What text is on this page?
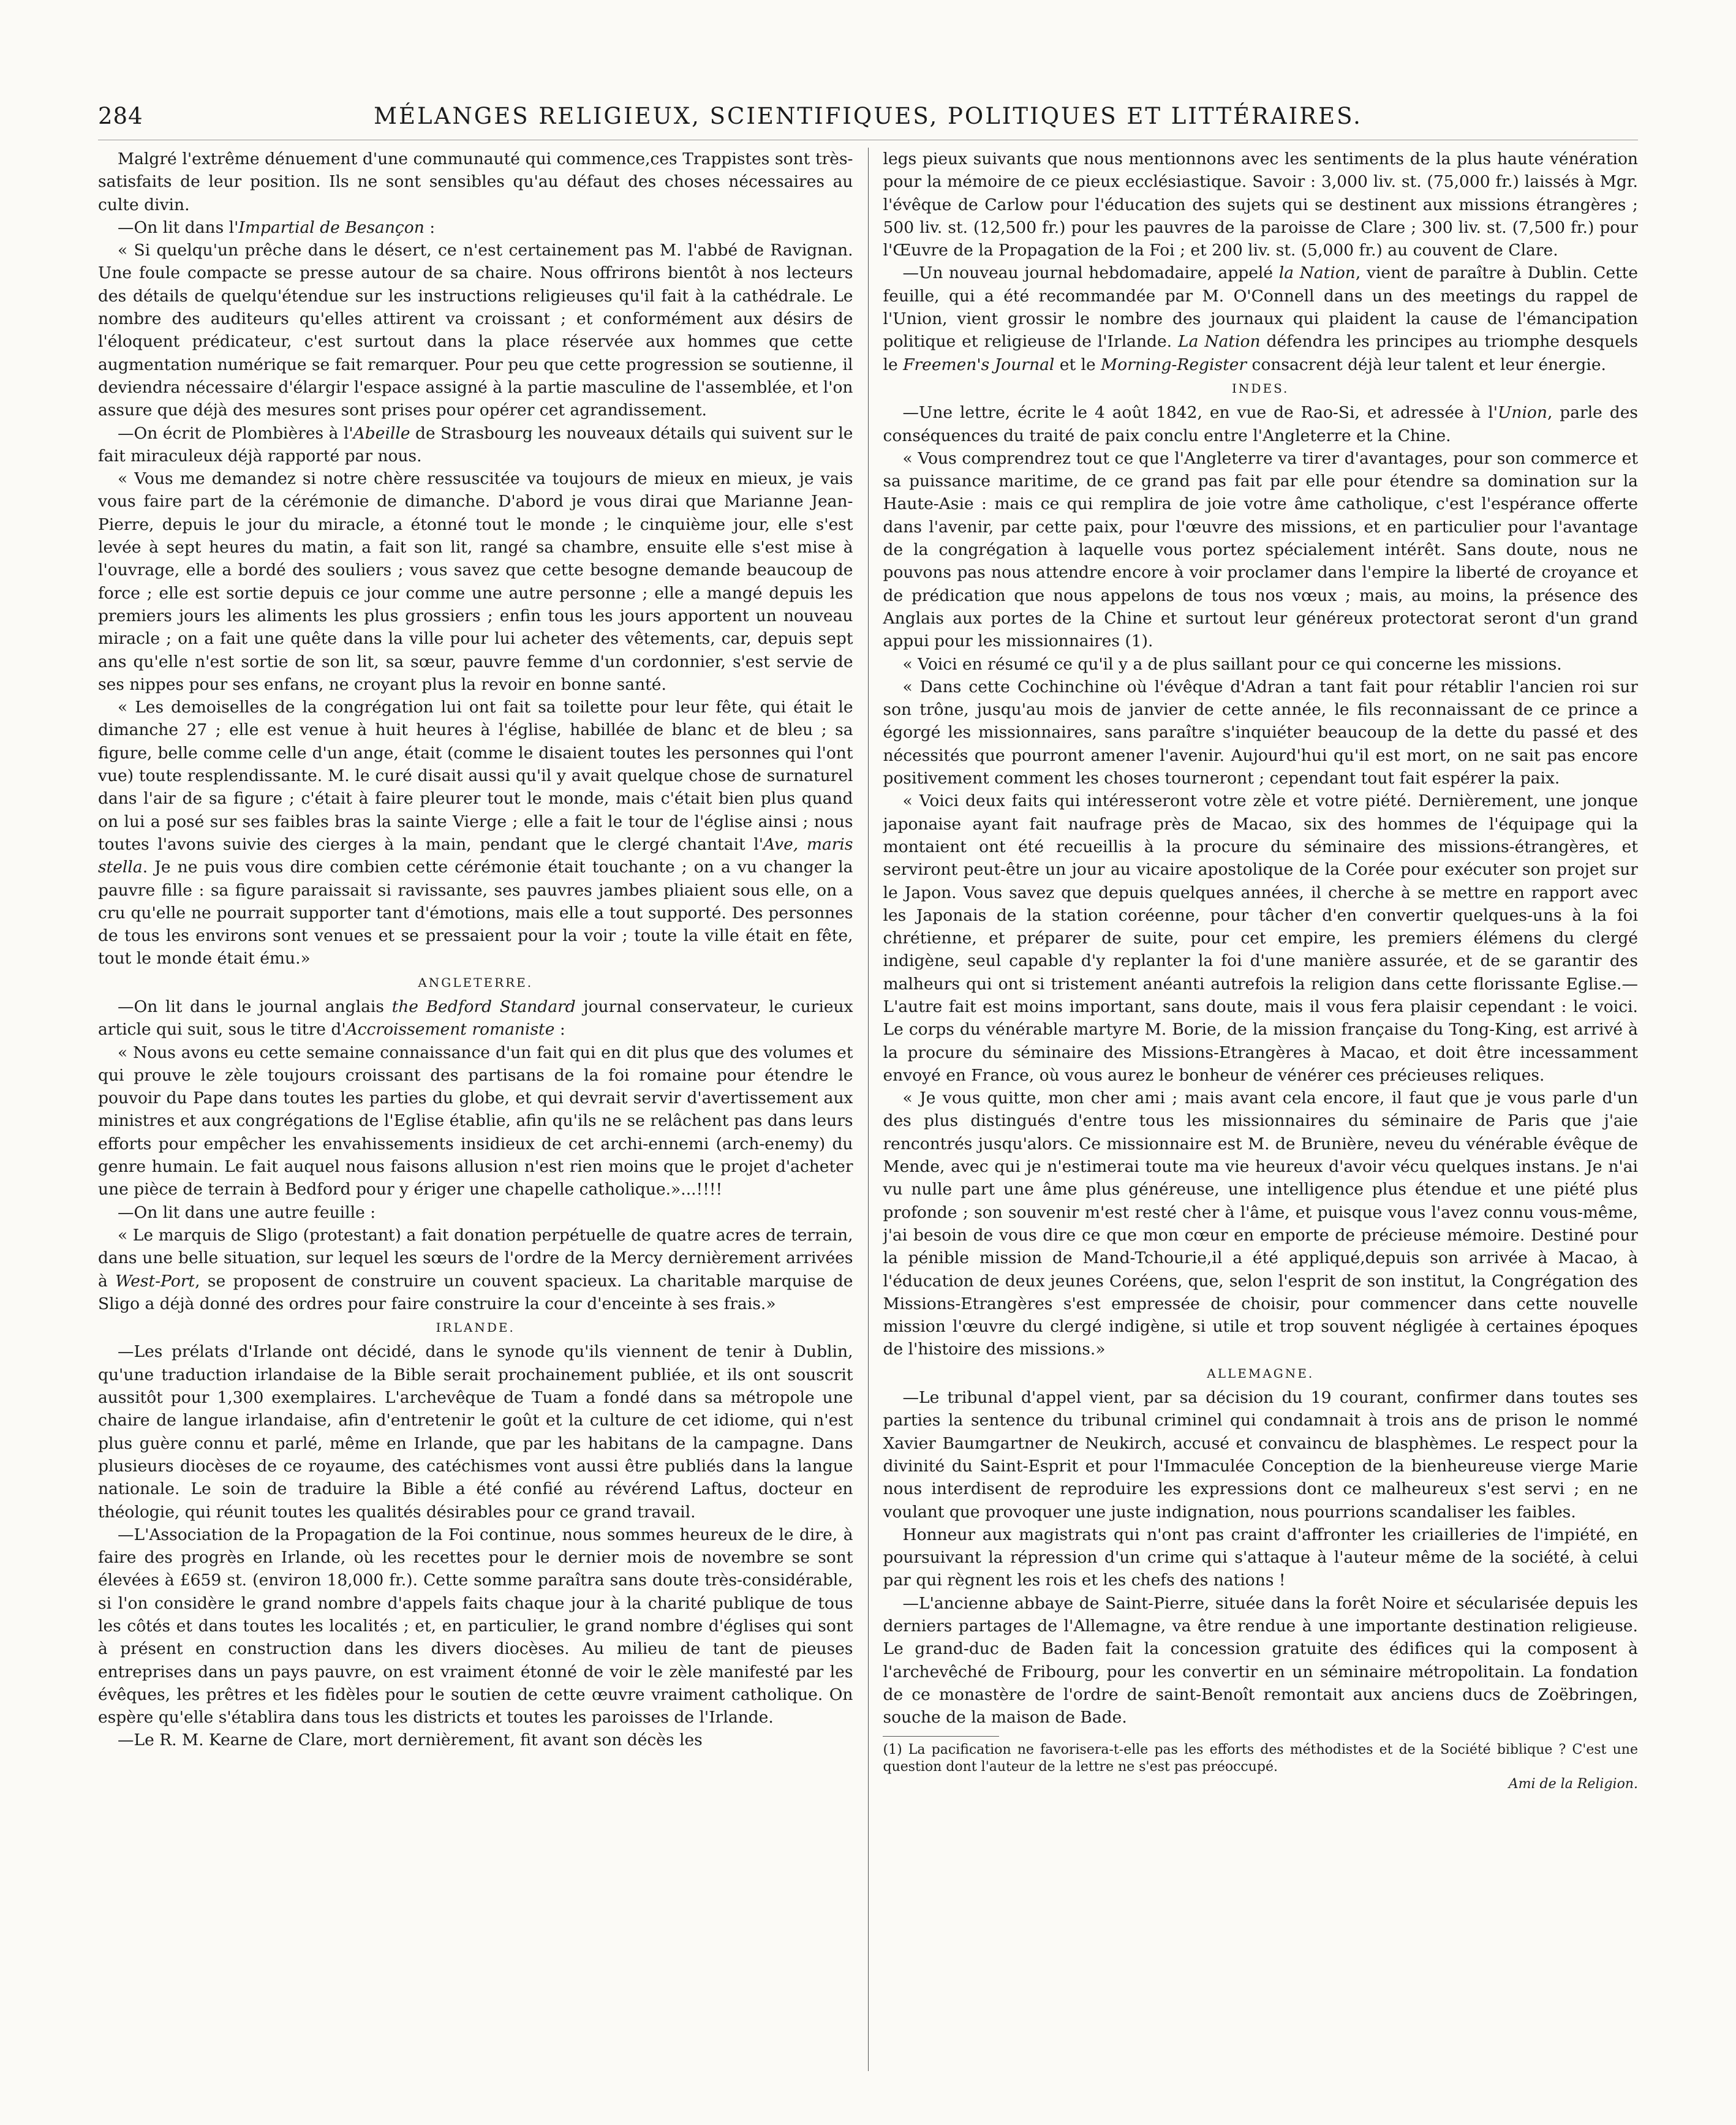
284	MÉLANGES RELIGIEUX, SCIENTIFIQUES, POLITIQUES ET LITTÉRAIRES.

Malgré l'extrême dénuement d'une communauté qui commence,ces Trappistes sont très-satisfaits de leur position. Ils ne sont sensibles qu'au défaut des choses nécessaires au culte divin.

—On lit dans l'Impartial de Besançon :

« Si quelqu'un prêche dans le désert, ce n'est certainement pas M. l'abbé de Ravignan. Une foule compacte se presse autour de sa chaire. Nous offrirons bientôt à nos lecteurs des détails de quelqu'étendue sur les instructions religieuses qu'il fait à la cathédrale. Le nombre des auditeurs qu'elles attirent va croissant ; et conformément aux désirs de l'éloquent prédicateur, c'est surtout dans la place réservée aux hommes que cette augmentation numérique se fait remarquer. Pour peu que cette progression se soutienne, il deviendra nécessaire d'élargir l'espace assigné à la partie masculine de l'assemblée, et l'on assure que déjà des mesures sont prises pour opérer cet agrandissement.

—On écrit de Plombières à l'Abeille de Strasbourg les nouveaux détails qui suivent sur le fait miraculeux déjà rapporté par nous.

« Vous me demandez si notre chère ressuscitée va toujours de mieux en mieux, je vais vous faire part de la cérémonie de dimanche. D'abord je vous dirai que Marianne Jean-Pierre, depuis le jour du miracle, a étonné tout le monde ; le cinquième jour, elle s'est levée à sept heures du matin, a fait son lit, rangé sa chambre, ensuite elle s'est mise à l'ouvrage, elle a bordé des souliers ; vous savez que cette besogne demande beaucoup de force ; elle est sortie depuis ce jour comme une autre personne ; elle a mangé depuis les premiers jours les aliments les plus grossiers ; enfin tous les jours apportent un nouveau miracle ; on a fait une quête dans la ville pour lui acheter des vêtements, car, depuis sept ans qu'elle n'est sortie de son lit, sa sœur, pauvre femme d'un cordonnier, s'est servie de ses nippes pour ses enfans, ne croyant plus la revoir en bonne santé.

« Les demoiselles de la congrégation lui ont fait sa toilette pour leur fête, qui était le dimanche 27 ; elle est venue à huit heures à l'église, habillée de blanc et de bleu ; sa figure, belle comme celle d'un ange, était (comme le disaient toutes les personnes qui l'ont vue) toute resplendissante. M. le curé disait aussi qu'il y avait quelque chose de surnaturel dans l'air de sa figure ; c'était à faire pleurer tout le monde, mais c'était bien plus quand on lui a posé sur ses faibles bras la sainte Vierge ; elle a fait le tour de l'église ainsi ; nous toutes l'avons suivie des cierges à la main, pendant que le clergé chantait l'Ave, maris stella. Je ne puis vous dire combien cette cérémonie était touchante ; on a vu changer la pauvre fille : sa figure paraissait si ravissante, ses pauvres jambes pliaient sous elle, on a cru qu'elle ne pourrait supporter tant d'émotions, mais elle a tout supporté. Des personnes de tous les environs sont venues et se pressaient pour la voir ; toute la ville était en fête, tout le monde était ému.»

ANGLETERRE.

—On lit dans le journal anglais the Bedford Standard journal conservateur, le curieux article qui suit, sous le titre d'Accroissement romaniste :

« Nous avons eu cette semaine connaissance d'un fait qui en dit plus que des volumes et qui prouve le zèle toujours croissant des partisans de la foi romaine pour étendre le pouvoir du Pape dans toutes les parties du globe, et qui devrait servir d'avertissement aux ministres et aux congrégations de l'Eglise établie, afin qu'ils ne se relâchent pas dans leurs efforts pour empêcher les envahissements insidieux de cet archi-ennemi (arch-enemy) du genre humain. Le fait auquel nous faisons allusion n'est rien moins que le projet d'acheter une pièce de terrain à Bedford pour y ériger une chapelle catholique.»...!!!!

—On lit dans une autre feuille :

« Le marquis de Sligo (protestant) a fait donation perpétuelle de quatre acres de terrain, dans une belle situation, sur lequel les sœurs de l'ordre de la Mercy dernièrement arrivées à West-Port, se proposent de construire un couvent spacieux. La charitable marquise de Sligo a déjà donné des ordres pour faire construire la cour d'enceinte à ses frais.»

IRLANDE.

—Les prélats d'Irlande ont décidé, dans le synode qu'ils viennent de tenir à Dublin, qu'une traduction irlandaise de la Bible serait prochainement publiée, et ils ont souscrit aussitôt pour 1,300 exemplaires. L'archevêque de Tuam a fondé dans sa métropole une chaire de langue irlandaise, afin d'entretenir le goût et la culture de cet idiome, qui n'est plus guère connu et parlé, même en Irlande, que par les habitans de la campagne. Dans plusieurs diocèses de ce royaume, des catéchismes vont aussi être publiés dans la langue nationale. Le soin de traduire la Bible a été confié au révérend Laftus, docteur en théologie, qui réunit toutes les qualités désirables pour ce grand travail.

—L'Association de la Propagation de la Foi continue, nous sommes heureux de le dire, à faire des progrès en Irlande, où les recettes pour le dernier mois de novembre se sont élevées à £659 st. (environ 18,000 fr.). Cette somme paraîtra sans doute très-considérable, si l'on considère le grand nombre d'appels faits chaque jour à la charité publique de tous les côtés et dans toutes les localités ; et, en particulier, le grand nombre d'églises qui sont à présent en construction dans les divers diocèses. Au milieu de tant de pieuses entreprises dans un pays pauvre, on est vraiment étonné de voir le zèle manifesté par les évêques, les prêtres et les fidèles pour le soutien de cette œuvre vraiment catholique. On espère qu'elle s'établira dans tous les districts et toutes les paroisses de l'Irlande.

—Le R. M. Kearne de Clare, mort dernièrement, fit avant son décès les

legs pieux suivants que nous mentionnons avec les sentiments de la plus haute vénération pour la mémoire de ce pieux ecclésiastique. Savoir : 3,000 liv. st. (75,000 fr.) laissés à Mgr. l'évêque de Carlow pour l'éducation des sujets qui se destinent aux missions étrangères ; 500 liv. st. (12,500 fr.) pour les pauvres de la paroisse de Clare ; 300 liv. st. (7,500 fr.) pour l'Œuvre de la Propagation de la Foi ; et 200 liv. st. (5,000 fr.) au couvent de Clare.

—Un nouveau journal hebdomadaire, appelé la Nation, vient de paraître à Dublin. Cette feuille, qui a été recommandée par M. O'Connell dans un des meetings du rappel de l'Union, vient grossir le nombre des journaux qui plaident la cause de l'émancipation politique et religieuse de l'Irlande. La Nation défendra les principes au triomphe desquels le Freemen's Journal et le Morning-Register consacrent déjà leur talent et leur énergie.

INDES.

—Une lettre, écrite le 4 août 1842, en vue de Rao-Si, et adressée à l'Union, parle des conséquences du traité de paix conclu entre l'Angleterre et la Chine.

« Vous comprendrez tout ce que l'Angleterre va tirer d'avantages, pour son commerce et sa puissance maritime, de ce grand pas fait par elle pour étendre sa domination sur la Haute-Asie : mais ce qui remplira de joie votre âme catholique, c'est l'espérance offerte dans l'avenir, par cette paix, pour l'œuvre des missions, et en particulier pour l'avantage de la congrégation à laquelle vous portez spécialement intérêt. Sans doute, nous ne pouvons pas nous attendre encore à voir proclamer dans l'empire la liberté de croyance et de prédication que nous appelons de tous nos vœux ; mais, au moins, la présence des Anglais aux portes de la Chine et surtout leur généreux protectorat seront d'un grand appui pour les missionnaires (1).

« Voici en résumé ce qu'il y a de plus saillant pour ce qui concerne les missions.

« Dans cette Cochinchine où l'évêque d'Adran a tant fait pour rétablir l'ancien roi sur son trône, jusqu'au mois de janvier de cette année, le fils reconnaissant de ce prince a égorgé les missionnaires, sans paraître s'inquiéter beaucoup de la dette du passé et des nécessités que pourront amener l'avenir. Aujourd'hui qu'il est mort, on ne sait pas encore positivement comment les choses tourneront ; cependant tout fait espérer la paix.

« Voici deux faits qui intéresseront votre zèle et votre piété. Dernièrement, une jonque japonaise ayant fait naufrage près de Macao, six des hommes de l'équipage qui la montaient ont été recueillis à la procure du séminaire des missions-étrangères, et serviront peut-être un jour au vicaire apostolique de la Corée pour exécuter son projet sur le Japon. Vous savez que depuis quelques années, il cherche à se mettre en rapport avec les Japonais de la station coréenne, pour tâcher d'en convertir quelques-uns à la foi chrétienne, et préparer de suite, pour cet empire, les premiers élémens du clergé indigène, seul capable d'y replanter la foi d'une manière assurée, et de se garantir des malheurs qui ont si tristement anéanti autrefois la religion dans cette florissante Eglise.—L'autre fait est moins important, sans doute, mais il vous fera plaisir cependant : le voici. Le corps du vénérable martyre M. Borie, de la mission française du Tong-King, est arrivé à la procure du séminaire des Missions-Etrangères à Macao, et doit être incessamment envoyé en France, où vous aurez le bonheur de vénérer ces précieuses reliques.

« Je vous quitte, mon cher ami ; mais avant cela encore, il faut que je vous parle d'un des plus distingués d'entre tous les missionnaires du séminaire de Paris que j'aie rencontrés jusqu'alors. Ce missionnaire est M. de Brunière, neveu du vénérable évêque de Mende, avec qui je n'estimerai toute ma vie heureux d'avoir vécu quelques instans. Je n'ai vu nulle part une âme plus généreuse, une intelligence plus étendue et une piété plus profonde ; son souvenir m'est resté cher à l'âme, et puisque vous l'avez connu vous-même, j'ai besoin de vous dire ce que mon cœur en emporte de précieuse mémoire. Destiné pour la pénible mission de Mand-Tchourie,il a été appliqué,depuis son arrivée à Macao, à l'éducation de deux jeunes Coréens, que, selon l'esprit de son institut, la Congrégation des Missions-Etrangères s'est empressée de choisir, pour commencer dans cette nouvelle mission l'œuvre du clergé indigène, si utile et trop souvent négligée à certaines époques de l'histoire des missions.»

ALLEMAGNE.

—Le tribunal d'appel vient, par sa décision du 19 courant, confirmer dans toutes ses parties la sentence du tribunal criminel qui condamnait à trois ans de prison le nommé Xavier Baumgartner de Neukirch, accusé et convaincu de blasphèmes. Le respect pour la divinité du Saint-Esprit et pour l'Immaculée Conception de la bienheureuse vierge Marie nous interdisent de reproduire les expressions dont ce malheureux s'est servi ; en ne voulant que provoquer une juste indignation, nous pourrions scandaliser les faibles.

Honneur aux magistrats qui n'ont pas craint d'affronter les criailleries de l'impiété, en poursuivant la répression d'un crime qui s'attaque à l'auteur même de la société, à celui par qui règnent les rois et les chefs des nations !

—L'ancienne abbaye de Saint-Pierre, située dans la forêt Noire et sécularisée depuis les derniers partages de l'Allemagne, va être rendue à une importante destination religieuse. Le grand-duc de Baden fait la concession gratuite des édifices qui la composent à l'archevêché de Fribourg, pour les convertir en un séminaire métropolitain. La fondation de ce monastère de l'ordre de saint-Benoît remontait aux anciens ducs de Zoëbringen, souche de la maison de Bade.

(1) La pacification ne favorisera-t-elle pas les efforts des méthodistes et de la Société biblique ? C'est une question dont l'auteur de la lettre ne s'est pas préoccupé.
Ami de la Religion.
